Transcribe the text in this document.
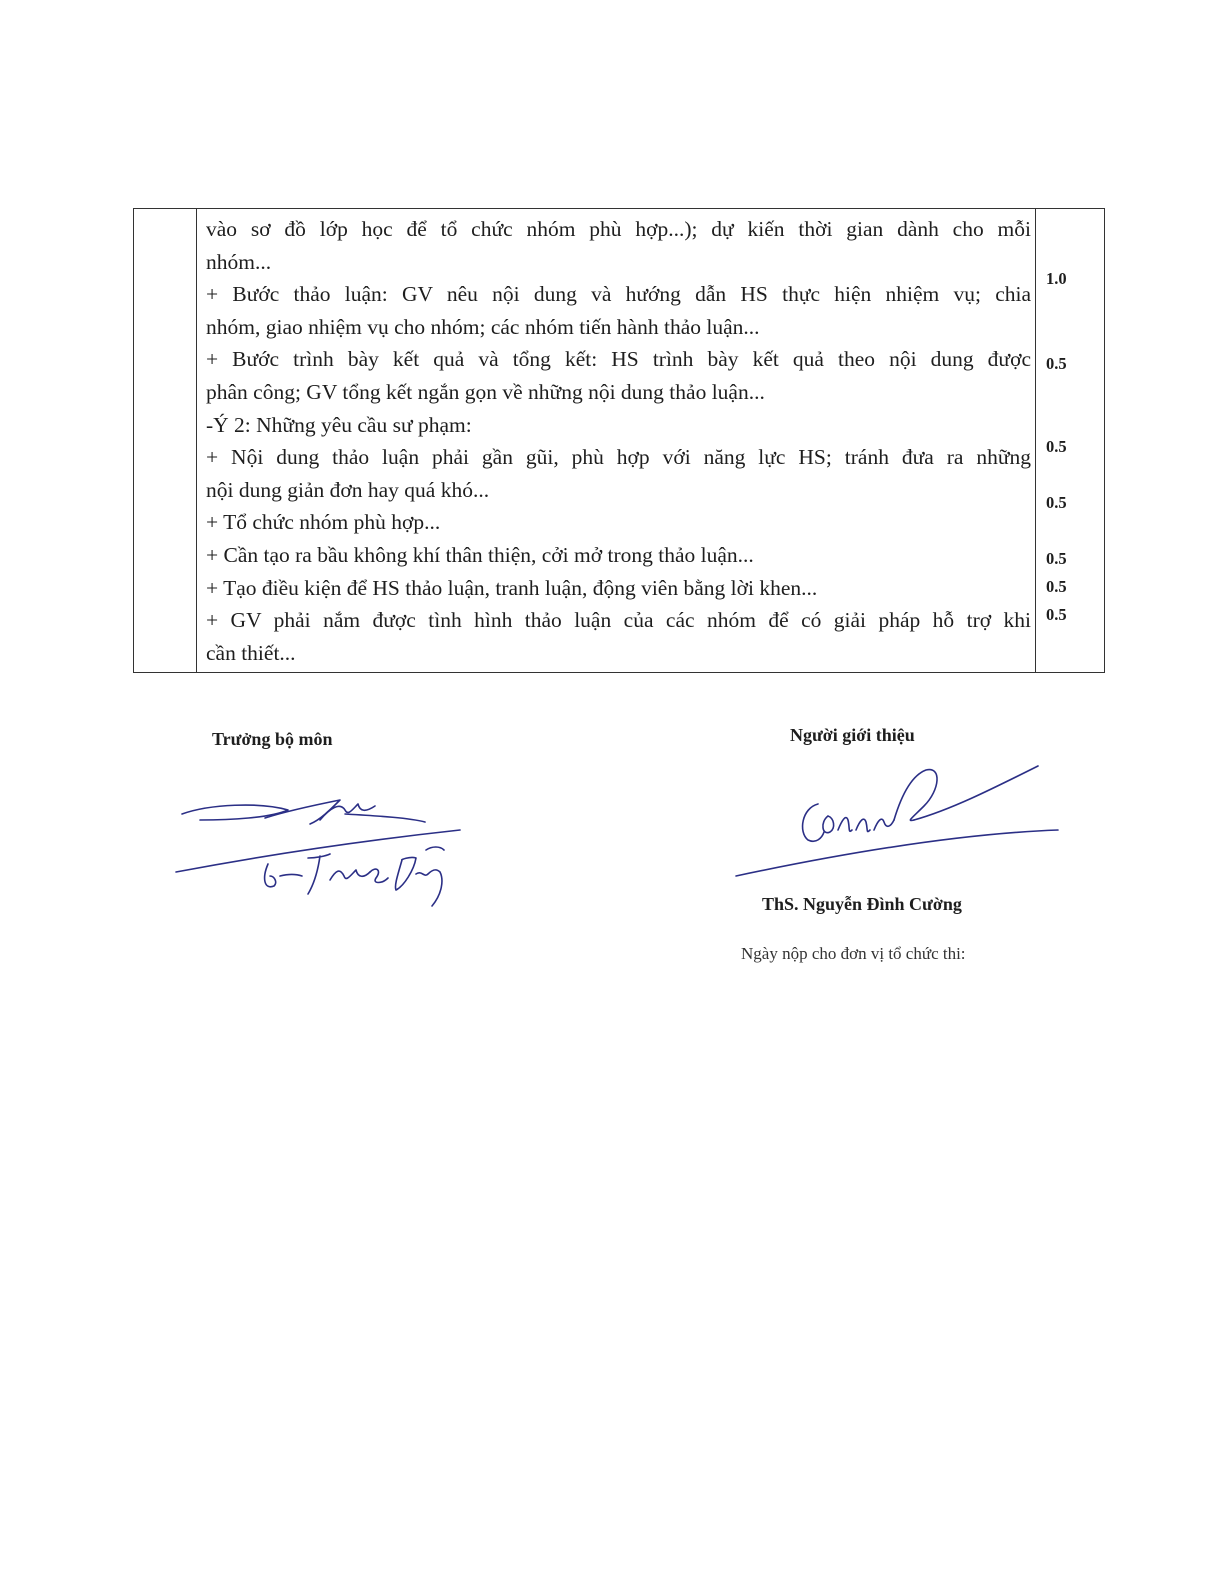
vào sơ đồ lớp học để tổ chức nhóm phù hợp...); dự kiến thời gian dành cho mỗi
nhóm...
+ Bước thảo luận: GV nêu nội dung và hướng dẫn HS thực hiện nhiệm vụ; chia
nhóm, giao nhiệm vụ cho nhóm; các nhóm tiến hành thảo luận...
+ Bước trình bày kết quả và tổng kết: HS trình bày kết quả theo nội dung được
phân công; GV tổng kết ngắn gọn về những nội dung thảo luận...
-Ý 2: Những yêu cầu sư phạm:
+ Nội dung thảo luận phải gần gũi, phù hợp với năng lực HS; tránh đưa ra những
nội dung giản đơn hay quá khó...
+ Tổ chức nhóm phù hợp...
+ Cần tạo ra bầu không khí thân thiện, cởi mở trong thảo luận...
+ Tạo điều kiện để HS thảo luận, tranh luận, động viên bằng lời khen...
+ GV phải nắm được tình hình thảo luận của các nhóm để có giải pháp hỗ trợ khi
cần thiết...
1.0
0.5
0.5
0.5
0.5
0.5
0.5
Trưởng bộ môn	Người giới thiệu
ThS. Nguyễn Đình Cường
Ngày nộp cho đơn vị tổ chức thi:
